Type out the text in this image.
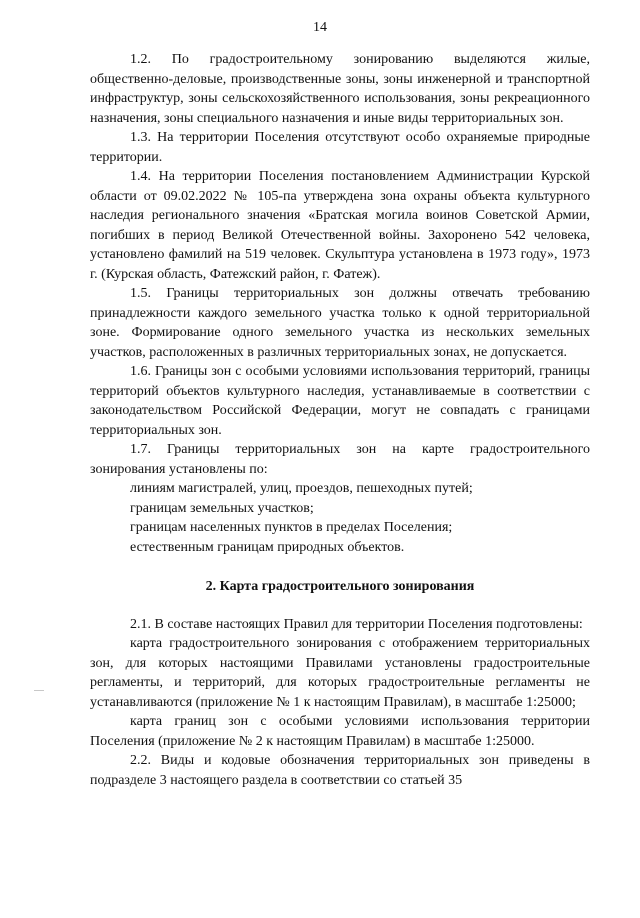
14

1.2. По градостроительному зонированию выделяются жилые, общественно-деловые, производственные зоны, зоны инженерной и транспортной инфраструктур, зоны сельскохозяйственного использования, зоны рекреационного назначения, зоны специального назначения и иные виды территориальных зон.

1.3. На территории Поселения отсутствуют особо охраняемые природные территории.

1.4. На территории Поселения постановлением Администрации Курской области от 09.02.2022 № 105-па утверждена зона охраны объекта культурного наследия регионального значения «Братская могила воинов Советской Армии, погибших в период Великой Отечественной войны. Захоронено 542 человека, установлено фамилий на 519 человек. Скульптура установлена в 1973 году», 1973 г. (Курская область, Фатежский район, г. Фатеж).

1.5. Границы территориальных зон должны отвечать требованию принадлежности каждого земельного участка только к одной территориальной зоне. Формирование одного земельного участка из нескольких земельных участков, расположенных в различных территориальных зонах, не допускается.

1.6. Границы зон с особыми условиями использования территорий, границы территорий объектов культурного наследия, устанавливаемые в соответствии с законодательством Российской Федерации, могут не совпадать с границами территориальных зон.

1.7. Границы территориальных зон на карте градостроительного зонирования установлены по:

линиям магистралей, улиц, проездов, пешеходных путей;

границам земельных участков;

границам населенных пунктов в пределах Поселения;

естественным границам природных объектов.

2. Карта градостроительного зонирования

2.1. В составе настоящих Правил для территории Поселения подготовлены:

карта градостроительного зонирования с отображением территориальных зон, для которых настоящими Правилами установлены градостроительные регламенты, и территорий, для которых градостроительные регламенты не устанавливаются (приложение № 1 к настоящим Правилам), в масштабе 1:25000;

карта границ зон с особыми условиями использования территории Поселения (приложение № 2 к настоящим Правилам) в масштабе 1:25000.

2.2. Виды и кодовые обозначения территориальных зон приведены в подразделе 3 настоящего раздела в соответствии со статьей 35
